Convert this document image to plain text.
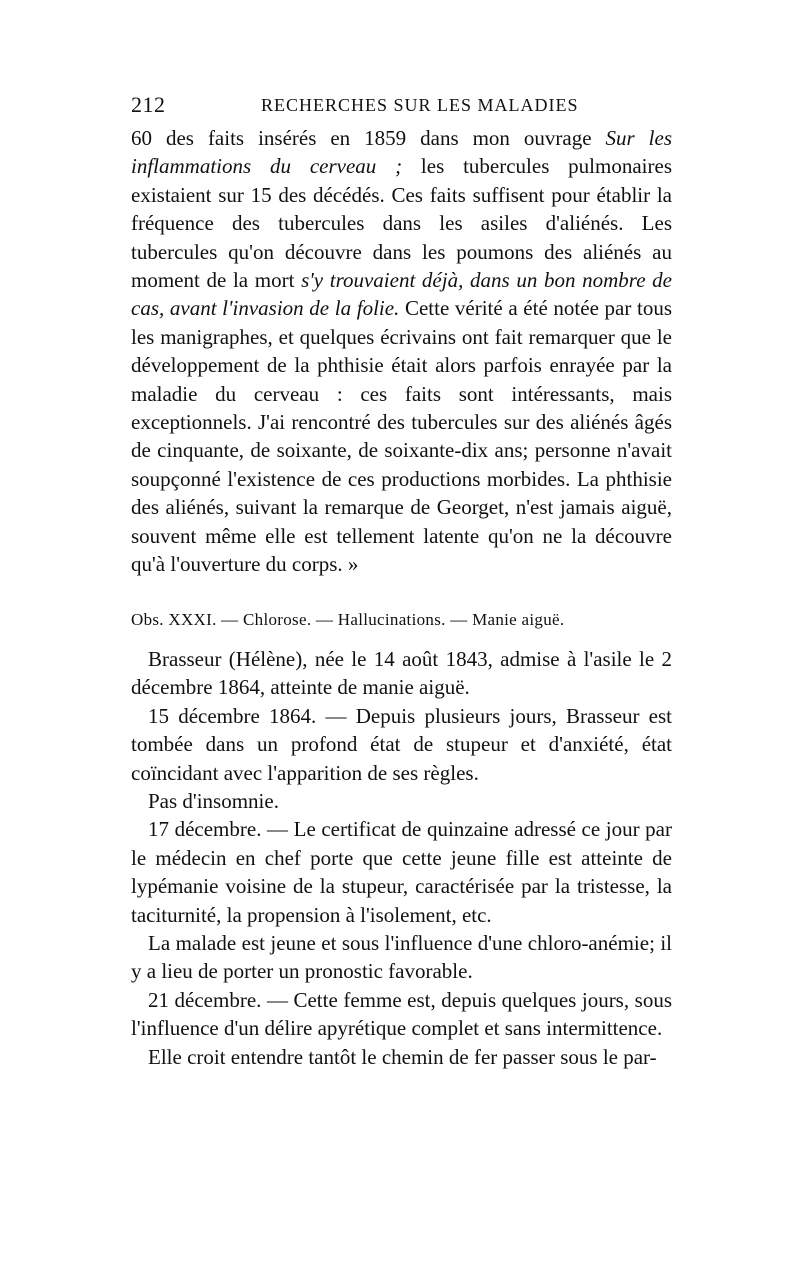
212	RECHERCHES SUR LES MALADIES

60 des faits insérés en 1859 dans mon ouvrage Sur les inflammations du cerveau ; les tubercules pulmonaires existaient sur 15 des décédés. Ces faits suffisent pour établir la fréquence des tubercules dans les asiles d'aliénés. Les tubercules qu'on découvre dans les poumons des aliénés au moment de la mort s'y trouvaient déjà, dans un bon nombre de cas, avant l'invasion de la folie. Cette vérité a été notée par tous les manigraphes, et quelques écrivains ont fait remarquer que le développement de la phthisie était alors parfois enrayée par la maladie du cerveau : ces faits sont intéressants, mais exceptionnels. J'ai rencontré des tubercules sur des aliénés âgés de cinquante, de soixante, de soixante-dix ans; personne n'avait soupçonné l'existence de ces productions morbides. La phthisie des aliénés, suivant la remarque de Georget, n'est jamais aiguë, souvent même elle est tellement latente qu'on ne la découvre qu'à l'ouverture du corps. »

Obs. XXXI. — Chlorose. — Hallucinations. — Manie aiguë.

Brasseur (Hélène), née le 14 août 1843, admise à l'asile le 2 décembre 1864, atteinte de manie aiguë.

15 décembre 1864. — Depuis plusieurs jours, Brasseur est tombée dans un profond état de stupeur et d'anxiété, état coïncidant avec l'apparition de ses règles.

Pas d'insomnie.

17 décembre. — Le certificat de quinzaine adressé ce jour par le médecin en chef porte que cette jeune fille est atteinte de lypémanie voisine de la stupeur, caractérisée par la tristesse, la taciturnité, la propension à l'isolement, etc.

La malade est jeune et sous l'influence d'une chloro-anémie; il y a lieu de porter un pronostic favorable.

21 décembre. — Cette femme est, depuis quelques jours, sous l'influence d'un délire apyrétique complet et sans intermittence.

Elle croit entendre tantôt le chemin de fer passer sous le par-
